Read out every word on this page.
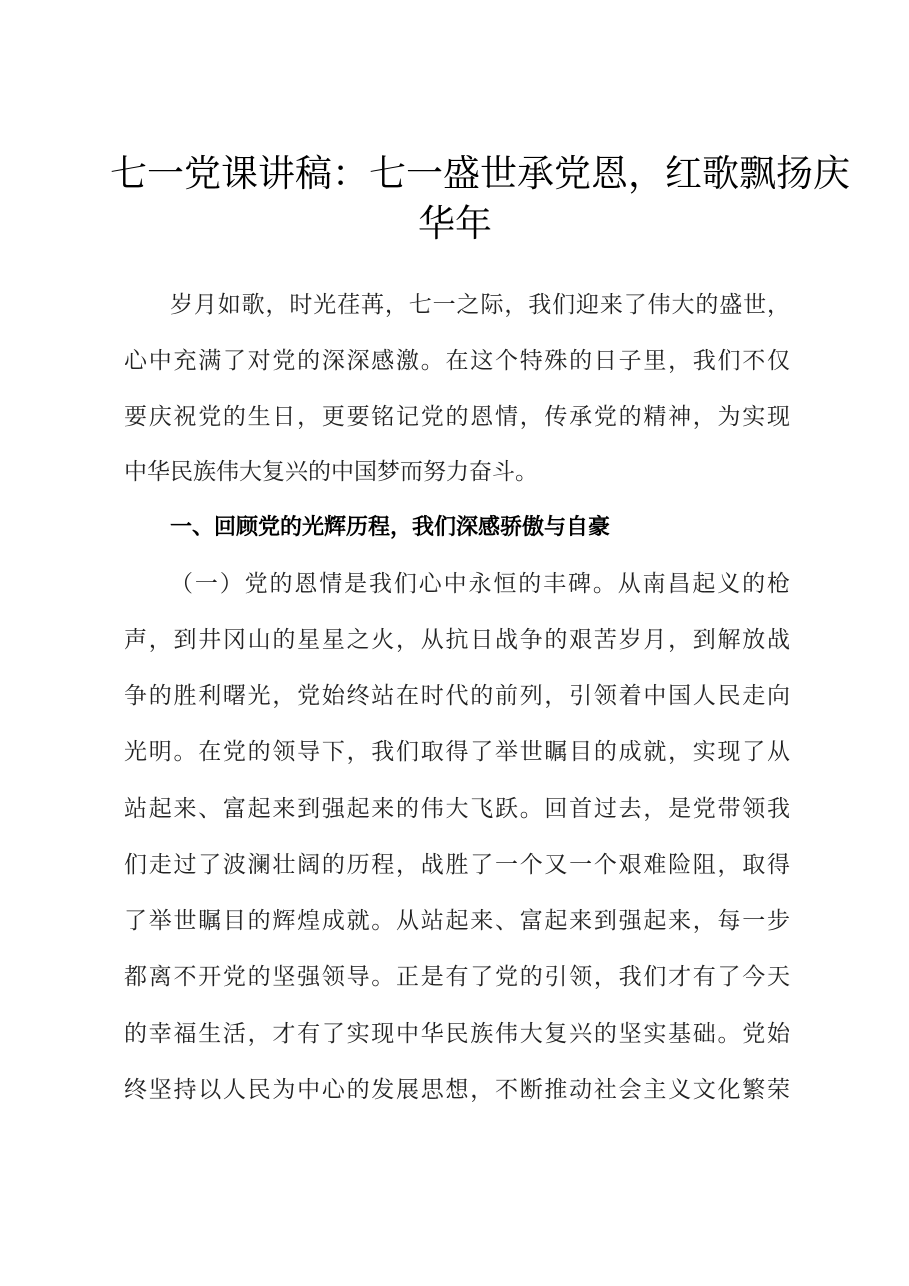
七一党课讲稿：七一盛世承党恩，红歌飘扬庆
华年

岁月如歌，时光荏苒，七一之际，我们迎来了伟大的盛世，

心中充满了对党的深深感激。在这个特殊的日子里，我们不仅

要庆祝党的生日，更要铭记党的恩情，传承党的精神，为实现

中华民族伟大复兴的中国梦而努力奋斗。

一、回顾党的光辉历程，我们深感骄傲与自豪

（一）党的恩情是我们心中永恒的丰碑。从南昌起义的枪

声，到井冈山的星星之火，从抗日战争的艰苦岁月，到解放战

争的胜利曙光，党始终站在时代的前列，引领着中国人民走向

光明。在党的领导下，我们取得了举世瞩目的成就，实现了从

站起来、富起来到强起来的伟大飞跃。回首过去，是党带领我

们走过了波澜壮阔的历程，战胜了一个又一个艰难险阻，取得

了举世瞩目的辉煌成就。从站起来、富起来到强起来，每一步

都离不开党的坚强领导。正是有了党的引领，我们才有了今天

的幸福生活，才有了实现中华民族伟大复兴的坚实基础。党始

终坚持以人民为中心的发展思想，不断推动社会主义文化繁荣
